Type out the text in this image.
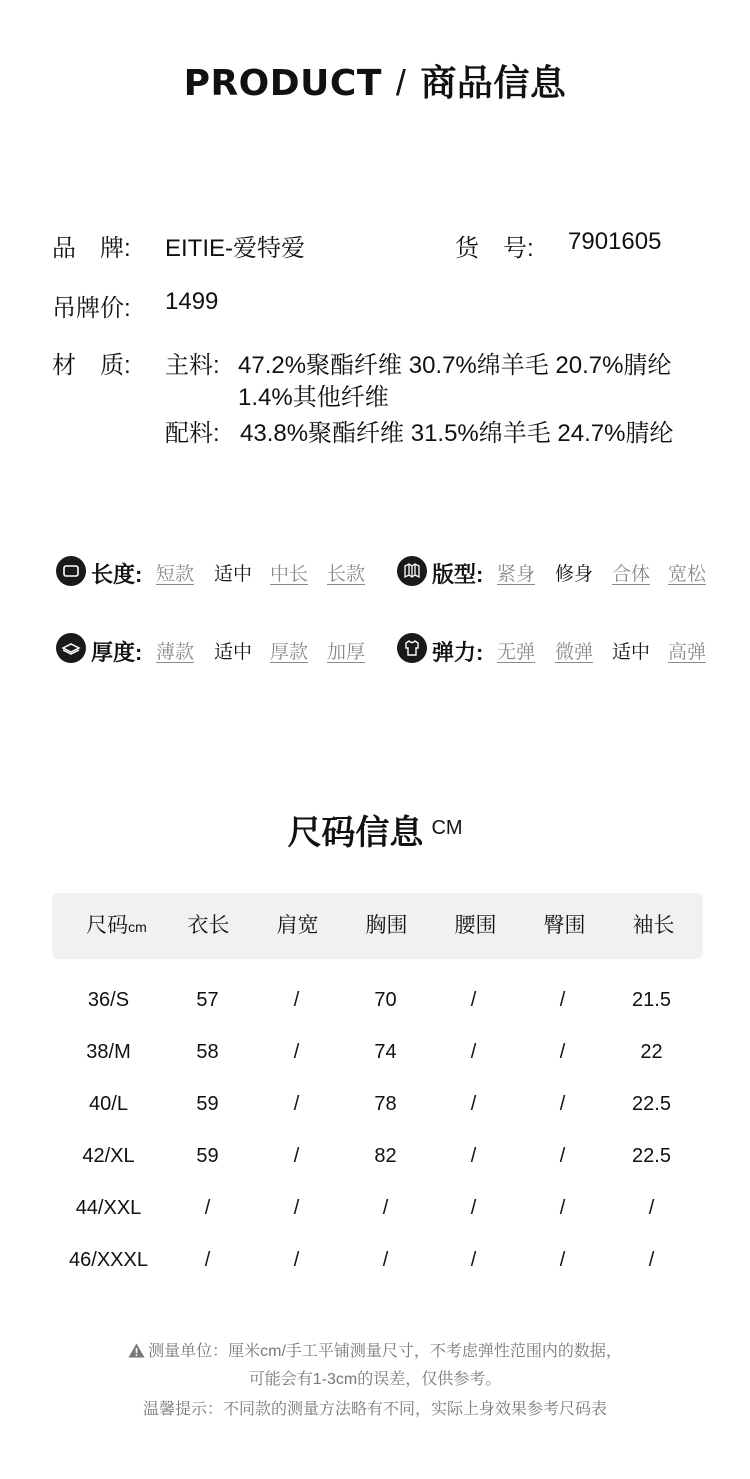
PRODUCT / 商品信息
品　牌: EITIE-爱特爱	货　号: 7901605
吊牌价: 1499
材　质: 主料: 47.2%聚酯纤维 30.7%绵羊毛 20.7%腈纶
1.4%其他纤维
配料: 43.8%聚酯纤维 31.5%绵羊毛 24.7%腈纶
长度: 短款 适中 中长 长款	版型: 紧身 修身 合体 宽松
厚度: 薄款 适中 厚款 加厚	弹力: 无弹 微弹 适中 高弹
尺码信息 $^{CM}$
尺码cm	衣长	肩宽	胸围	腰围	臀围	袖长
36/S	57	/	70	/	/	21.5
38/M	58	/	74	/	/	22
40/L	59	/	78	/	/	22.5
42/XL	59	/	82	/	/	22.5
44/XXL	/	/	/	/	/	/
46/XXXL	/	/	/	/	/	/
测量单位：厘米cm/手工平铺测量尺寸，不考虑弹性范围内的数据，
可能会有1-3cm的误差，仅供参考。
温馨提示：不同款的测量方法略有不同，实际上身效果参考尺码表
